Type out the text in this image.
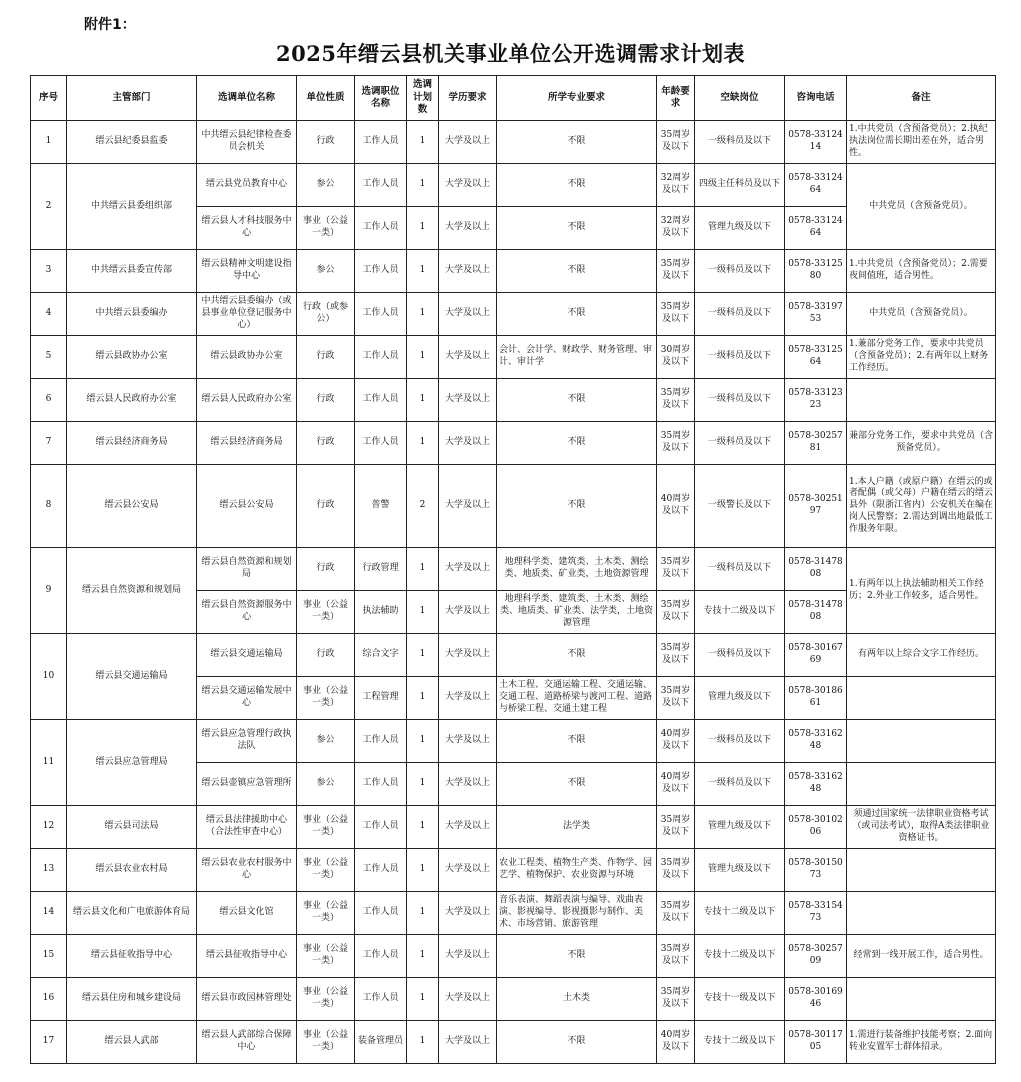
附件1：
2025年缙云县机关事业单位公开选调需求计划表
序号	主管部门	选调单位名称	单位性质	选调职位名称	选调计划数	学历要求	所学专业要求	年龄要求	空缺岗位	咨询电话	备注
1	缙云县纪委县监委	中共缙云县纪律检查委员会机关	行政	工作人员	1	大学及以上	不限	35周岁及以下	一级科员及以下	0578-3312414	1.中共党员（含预备党员）；2.执纪执法岗位需长期出差在外，适合男性。
2	中共缙云县委组织部	缙云县党员教育中心	参公	工作人员	1	大学及以上	不限	32周岁及以下	四级主任科员及以下	0578-3312464	中共党员（含预备党员）。
		缙云县人才科技服务中心	事业（公益一类）	工作人员	1	大学及以上	不限	32周岁及以下	管理九级及以下	0578-3312464	
3	中共缙云县委宣传部	缙云县精神文明建设指导中心	参公	工作人员	1	大学及以上	不限	35周岁及以下	一级科员及以下	0578-3312580	1.中共党员（含预备党员）；2.需要夜间值班，适合男性。
4	中共缙云县委编办	中共缙云县委编办（或县事业单位登记服务中心）	行政（或参公）	工作人员	1	大学及以上	不限	35周岁及以下	一级科员及以下	0578-3319753	中共党员（含预备党员）。
5	缙云县政协办公室	缙云县政协办公室	行政	工作人员	1	大学及以上	会计、会计学、财政学、财务管理、审计、审计学	30周岁及以下	一级科员及以下	0578-3312564	1.兼部分党务工作，要求中共党员（含预备党员）；2.有两年以上财务工作经历。
6	缙云县人民政府办公室	缙云县人民政府办公室	行政	工作人员	1	大学及以上	不限	35周岁及以下	一级科员及以下	0578-3312323	
7	缙云县经济商务局	缙云县经济商务局	行政	工作人员	1	大学及以上	不限	35周岁及以下	一级科员及以下	0578-3025781	兼部分党务工作，要求中共党员（含预备党员）。
8	缙云县公安局	缙云县公安局	行政	普警	2	大学及以上	不限	40周岁及以下	一级警长及以下	0578-3025197	1.本人户籍（或原户籍）在缙云的或者配偶（或父母）户籍在缙云的缙云县外（限浙江省内）公安机关在编在岗人民警察；2.需达到调出地最低工作服务年限。
9	缙云县自然资源和规划局	缙云县自然资源和规划局	行政	行政管理	1	大学及以上	地理科学类、建筑类、土木类、测绘类、地质类、矿业类，土地资源管理	35周岁及以下	一级科员及以下	0578-3147808	1.有两年以上执法辅助相关工作经历；2.外业工作较多，适合男性。
		缙云县自然资源服务中心	事业（公益一类）	执法辅助	1	大学及以上	地理科学类、建筑类、土木类、测绘类、地质类、矿业类、法学类，土地资源管理	35周岁及以下	专技十二级及以下	0578-3147808	
10	缙云县交通运输局	缙云县交通运输局	行政	综合文字	1	大学及以上	不限	35周岁及以下	一级科员及以下	0578-3016769	有两年以上综合文字工作经历。
		缙云县交通运输发展中心	事业（公益一类）	工程管理	1	大学及以上	土木工程、交通运输工程、交通运输、交通工程、道路桥梁与渡河工程、道路与桥梁工程、交通土建工程	35周岁及以下	管理九级及以下	0578-3018661	
11	缙云县应急管理局	缙云县应急管理行政执法队	参公	工作人员	1	大学及以上	不限	40周岁及以下	一级科员及以下	0578-3316248	
		缙云县壶镇应急管理所	参公	工作人员	1	大学及以上	不限	40周岁及以下	一级科员及以下	0578-3316248	
12	缙云县司法局	缙云县法律援助中心（合法性审查中心）	事业（公益一类）	工作人员	1	大学及以上	法学类	35周岁及以下	管理九级及以下	0578-3010206	须通过国家统一法律职业资格考试（或司法考试），取得A类法律职业资格证书。
13	缙云县农业农村局	缙云县农业农村服务中心	事业（公益一类）	工作人员	1	大学及以上	农业工程类、植物生产类、作物学、园艺学、植物保护、农业资源与环境	35周岁及以下	管理九级及以下	0578-3015073	
14	缙云县文化和广电旅游体育局	缙云县文化馆	事业（公益一类）	工作人员	1	大学及以上	音乐表演、舞蹈表演与编导、戏曲表演、影视编导、影视摄影与制作、美术、市场营销、旅游管理	35周岁及以下	专技十二级及以下	0578-3315473	
15	缙云县征收指导中心	缙云县征收指导中心	事业（公益一类）	工作人员	1	大学及以上	不限	35周岁及以下	专技十二级及以下	0578-3025709	经常到一线开展工作，适合男性。
16	缙云县住房和城乡建设局	缙云县市政园林管理处	事业（公益一类）	工作人员	1	大学及以上	土木类	35周岁及以下	专技十一级及以下	0578-3016946	
17	缙云县人武部	缙云县人武部综合保障中心	事业（公益一类）	装备管理员	1	大学及以上	不限	40周岁及以下	专技十二级及以下	0578-3011705	1.需进行装备维护技能考察；2.面向转业安置军士群体招录。
